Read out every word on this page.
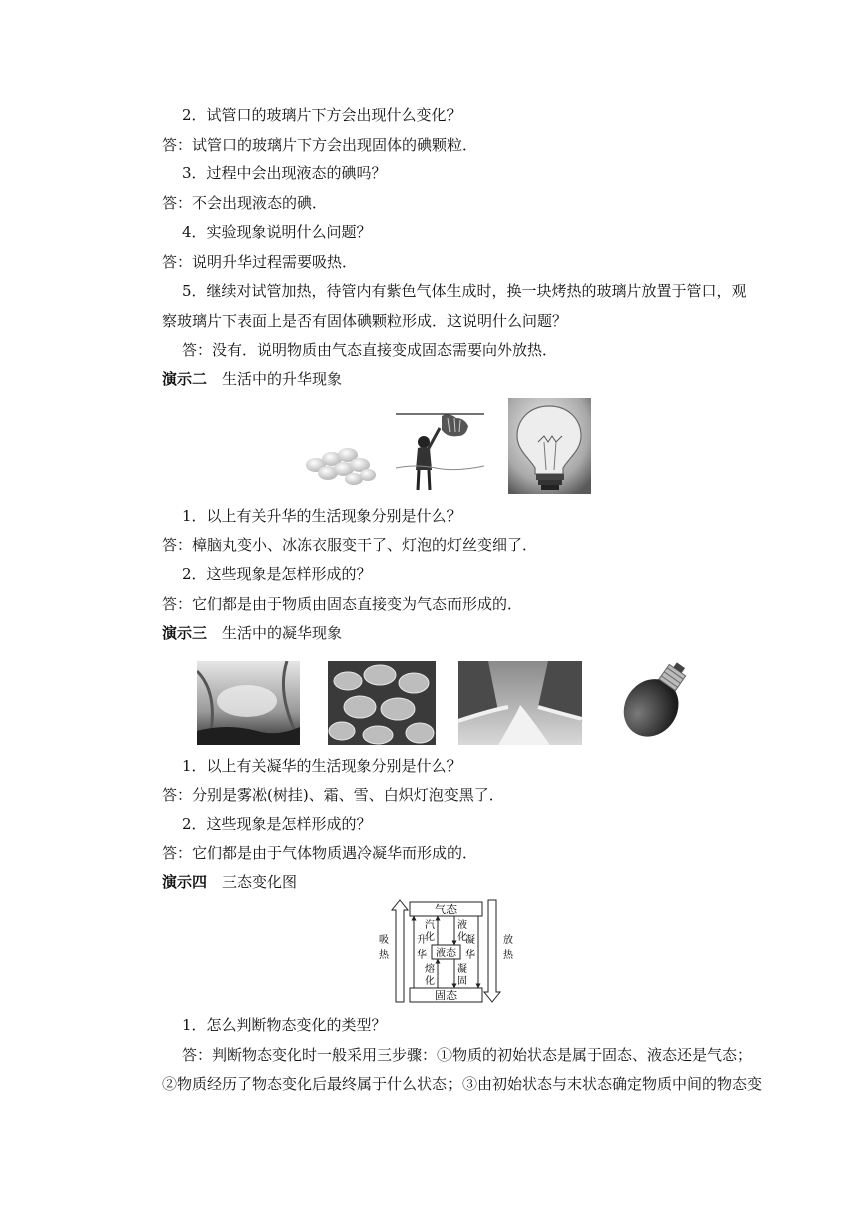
2．试管口的玻璃片下方会出现什么变化？
答：试管口的玻璃片下方会出现固体的碘颗粒．
3．过程中会出现液态的碘吗？
答：不会出现液态的碘．
4．实验现象说明什么问题？
答：说明升华过程需要吸热．
5．继续对试管加热，待管内有紫色气体生成时，换一块烤热的玻璃片放置于管口，观
察玻璃片下表面上是否有固体碘颗粒形成．这说明什么问题？
答：没有．说明物质由气态直接变成固态需要向外放热．
演示二　 生活中的升华现象
1．以上有关升华的生活现象分别是什么？
答：樟脑丸变小、冰冻衣服变干了、灯泡的灯丝变细了．
2．这些现象是怎样形成的？
答：它们都是由于物质由固态直接变为气态而形成的．
演示三　 生活中的凝华现象
1．以上有关凝华的生活现象分别是什么？
答：分别是雾凇(树挂)、霜、雪、白炽灯泡变黑了．
2．这些现象是怎样形成的？
答：它们都是由于气体物质遇冷凝华而形成的．
演示四　 三态变化图
气态
液态
固态
吸
热
升
华
汽
化
液
化
熔
化
凝
固
凝
华
放
热
1．怎么判断物态变化的类型？
答：判断物态变化时一般采用三步骤：①物质的初始状态是属于固态、液态还是气态；
②物质经历了物态变化后最终属于什么状态；③由初始状态与末状态确定物质中间的物态变
